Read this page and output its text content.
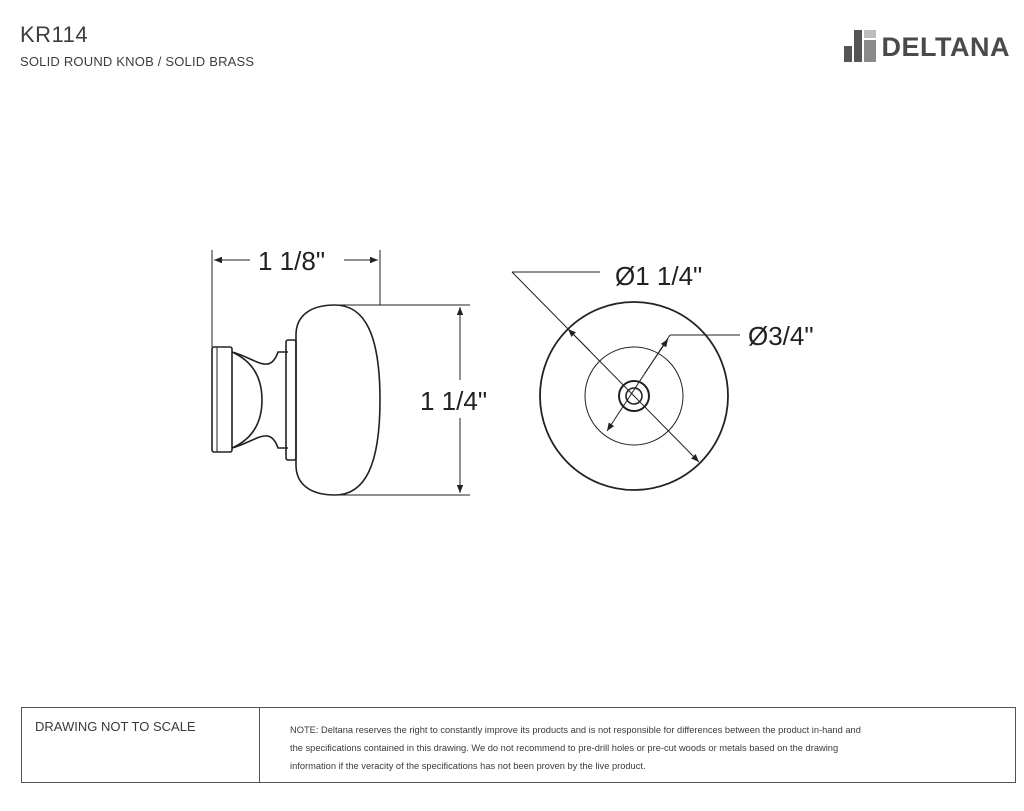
KR114
SOLID ROUND KNOB / SOLID BRASS	DELTANA
1 1/8"
1 1/4"
Ø1 1/4"
Ø3/4"
DRAWING NOT TO SCALE	NOTE: Deltana reserves the right to constantly improve its products and is not responsible for differences between the product in-hand and
the specifications contained in this drawing. We do not recommend to pre-drill holes or pre-cut woods or metals based on the drawing
information if the veracity of the specifications has not been proven by the live product.
